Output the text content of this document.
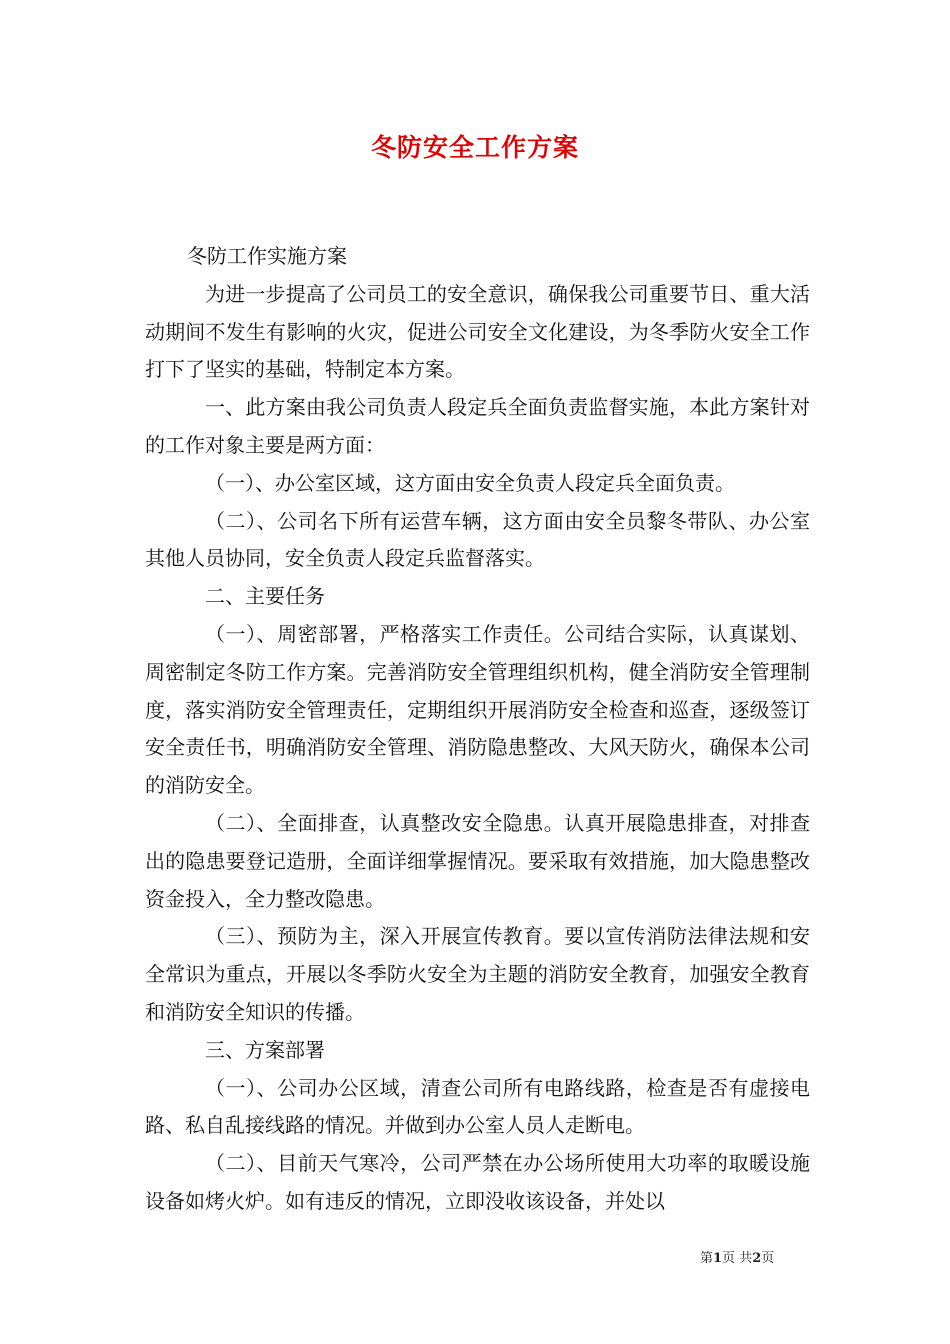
冬防安全工作方案

冬防工作实施方案

为进一步提高了公司员工的安全意识，确保我公司重要节日、重大活动期间不发生有影响的火灾，促进公司安全文化建设，为冬季防火安全工作打下了坚实的基础，特制定本方案。

一、此方案由我公司负责人段定兵全面负责监督实施，本此方案针对的工作对象主要是两方面：

（一）、办公室区域，这方面由安全负责人段定兵全面负责。

（二）、公司名下所有运营车辆，这方面由安全员黎冬带队、办公室其他人员协同，安全负责人段定兵监督落实。

二、主要任务

（一）、周密部署，严格落实工作责任。公司结合实际，认真谋划、周密制定冬防工作方案。完善消防安全管理组织机构，健全消防安全管理制度，落实消防安全管理责任，定期组织开展消防安全检查和巡查，逐级签订安全责任书，明确消防安全管理、消防隐患整改、大风天防火，确保本公司的消防安全。

（二）、全面排查，认真整改安全隐患。认真开展隐患排查，对排查出的隐患要登记造册，全面详细掌握情况。要采取有效措施，加大隐患整改资金投入，全力整改隐患。

（三）、预防为主，深入开展宣传教育。要以宣传消防法律法规和安全常识为重点，开展以冬季防火安全为主题的消防安全教育，加强安全教育和消防安全知识的传播。

三、方案部署

（一）、公司办公区域，清查公司所有电路线路，检查是否有虚接电路、私自乱接线路的情况。并做到办公室人员人走断电。

（二）、目前天气寒冷，公司严禁在办公场所使用大功率的取暖设施设备如烤火炉。如有违反的情况，立即没收该设备，并处以

第1页 共2页
